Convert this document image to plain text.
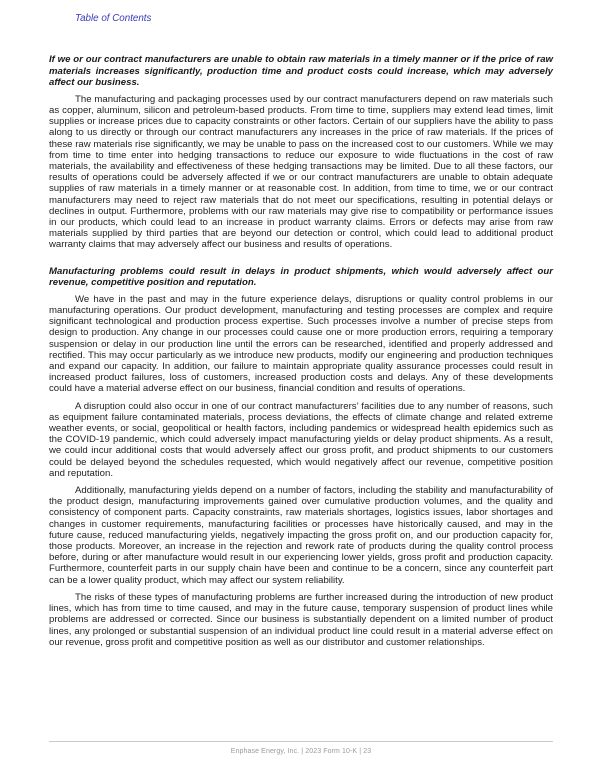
Table of Contents
If we or our contract manufacturers are unable to obtain raw materials in a timely manner or if the price of raw materials increases significantly, production time and product costs could increase, which may adversely affect our business.

The manufacturing and packaging processes used by our contract manufacturers depend on raw materials such as copper, aluminum, silicon and petroleum-based products. From time to time, suppliers may extend lead times, limit supplies or increase prices due to capacity constraints or other factors. Certain of our suppliers have the ability to pass along to us directly or through our contract manufacturers any increases in the price of raw materials. If the prices of these raw materials rise significantly, we may be unable to pass on the increased cost to our customers. While we may from time to time enter into hedging transactions to reduce our exposure to wide fluctuations in the cost of raw materials, the availability and effectiveness of these hedging transactions may be limited. Due to all these factors, our results of operations could be adversely affected if we or our contract manufacturers are unable to obtain adequate supplies of raw materials in a timely manner or at reasonable cost. In addition, from time to time, we or our contract manufacturers may need to reject raw materials that do not meet our specifications, resulting in potential delays or declines in output. Furthermore, problems with our raw materials may give rise to compatibility or performance issues in our products, which could lead to an increase in product warranty claims. Errors or defects may arise from raw materials supplied by third parties that are beyond our detection or control, which could lead to additional product warranty claims that may adversely affect our business and results of operations.

Manufacturing problems could result in delays in product shipments, which would adversely affect our revenue, competitive position and reputation.

We have in the past and may in the future experience delays, disruptions or quality control problems in our manufacturing operations. Our product development, manufacturing and testing processes are complex and require significant technological and production process expertise. Such processes involve a number of precise steps from design to production. Any change in our processes could cause one or more production errors, requiring a temporary suspension or delay in our production line until the errors can be researched, identified and properly addressed and rectified. This may occur particularly as we introduce new products, modify our engineering and production techniques and expand our capacity. In addition, our failure to maintain appropriate quality assurance processes could result in increased product failures, loss of customers, increased production costs and delays. Any of these developments could have a material adverse effect on our business, financial condition and results of operations.

A disruption could also occur in one of our contract manufacturers’ facilities due to any number of reasons, such as equipment failure contaminated materials, process deviations, the effects of climate change and related extreme weather events, or social, geopolitical or health factors, including pandemics or widespread health epidemics such as the COVID-19 pandemic, which could adversely impact manufacturing yields or delay product shipments. As a result, we could incur additional costs that would adversely affect our gross profit, and product shipments to our customers could be delayed beyond the schedules requested, which would negatively affect our revenue, competitive position and reputation.

Additionally, manufacturing yields depend on a number of factors, including the stability and manufacturability of the product design, manufacturing improvements gained over cumulative production volumes, and the quality and consistency of component parts. Capacity constraints, raw materials shortages, logistics issues, labor shortages and changes in customer requirements, manufacturing facilities or processes have historically caused, and may in the future cause, reduced manufacturing yields, negatively impacting the gross profit on, and our production capacity for, those products. Moreover, an increase in the rejection and rework rate of products during the quality control process before, during or after manufacture would result in our experiencing lower yields, gross profit and production capacity. Furthermore, counterfeit parts in our supply chain have been and continue to be a concern, since any counterfeit part can be a lower quality product, which may affect our system reliability.

The risks of these types of manufacturing problems are further increased during the introduction of new product lines, which has from time to time caused, and may in the future cause, temporary suspension of product lines while problems are addressed or corrected. Since our business is substantially dependent on a limited number of product lines, any prolonged or substantial suspension of an individual product line could result in a material adverse effect on our revenue, gross profit and competitive position as well as our distributor and customer relationships.

Enphase Energy, Inc. | 2023 Form 10-K | 23
